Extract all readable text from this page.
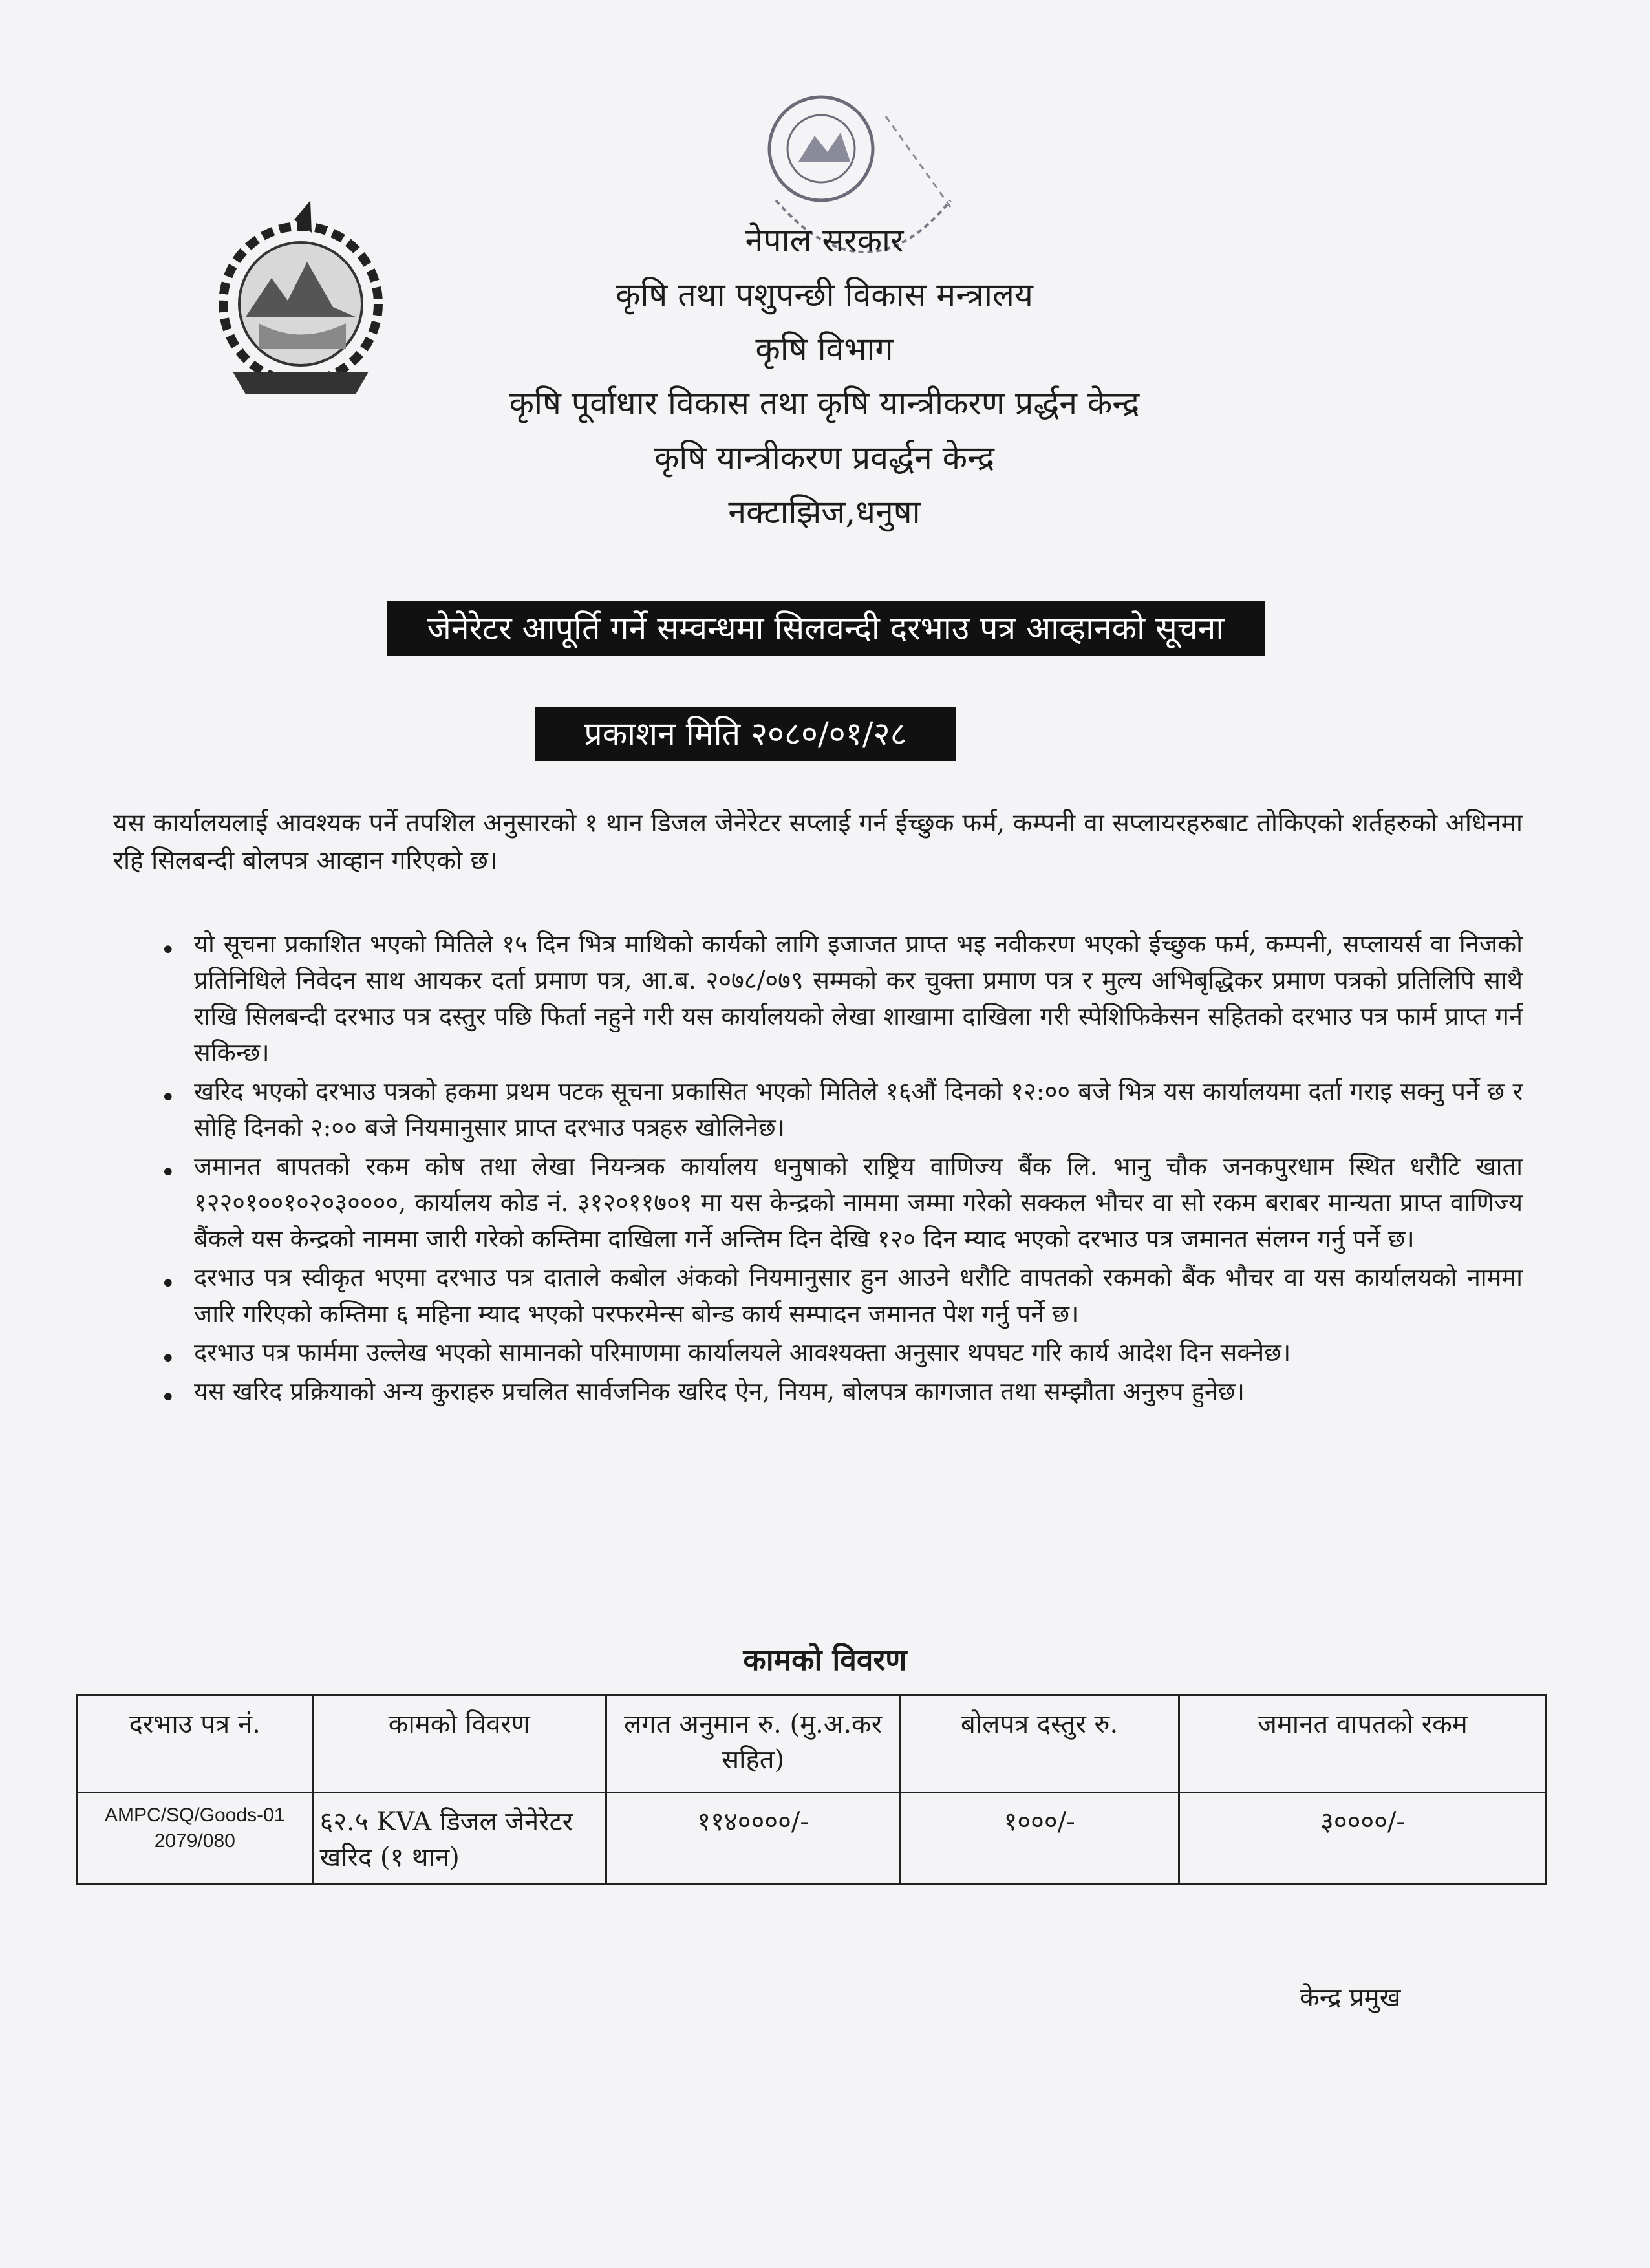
नेपाल सरकार
कृषि तथा पशुपन्छी विकास मन्त्रालय
कृषि विभाग
कृषि पूर्वाधार विकास तथा कृषि यान्त्रीकरण प्रर्द्धन केन्द्र
कृषि यान्त्रीकरण प्रवर्द्धन केन्द्र
नक्टाझिज,धनुषा
जेनेरेटर आपूर्ति गर्ने सम्वन्धमा सिलवन्दी दरभाउ पत्र आव्हानको सूचना
प्रकाशन मिति २०८०/०१/२८
यस कार्यालयलाई आवश्यक पर्ने तपशिल अनुसारको १ थान डिजल जेनेरेटर सप्लाई गर्न ईच्छुक फर्म, कम्पनी वा सप्लायरहरुबाट तोकिएको शर्तहरुको अधिनमा रहि सिलबन्दी बोलपत्र आव्हान गरिएको छ।
• यो सूचना प्रकाशित भएको मितिले १५ दिन भित्र माथिको कार्यको लागि इजाजत प्राप्त भइ नवीकरण भएको ईच्छुक फर्म, कम्पनी, सप्लायर्स वा निजको प्रतिनिधिले निवेदन साथ आयकर दर्ता प्रमाण पत्र, आ.ब. २०७८/०७९ सम्मको कर चुक्ता प्रमाण पत्र र मुल्य अभिबृद्धिकर प्रमाण पत्रको प्रतिलिपि साथै राखि सिलबन्दी दरभाउ पत्र दस्तुर पछि फिर्ता नहुने गरी यस कार्यालयको लेखा शाखामा दाखिला गरी स्पेशिफिकेसन सहितको दरभाउ पत्र फार्म प्राप्त गर्न सकिन्छ।
• खरिद भएको दरभाउ पत्रको हकमा प्रथम पटक सूचना प्रकासित भएको मितिले १६औं दिनको १२:०० बजे भित्र यस कार्यालयमा दर्ता गराइ सक्नु पर्ने छ र सोहि दिनको २:०० बजे नियमानुसार प्राप्त दरभाउ पत्रहरु खोलिनेछ।
• जमानत बापतको रकम कोष तथा लेखा नियन्त्रक कार्यालय धनुषाको राष्ट्रिय वाणिज्य बैंक लि. भानु चौक जनकपुरधाम स्थित धरौटि खाता १२२०१००१०२०३००००, कार्यालय कोड नं. ३१२०११७०१ मा यस केन्द्रको नाममा जम्मा गरेको सक्कल भौचर वा सो रकम बराबर मान्यता प्राप्त वाणिज्य बैंकले यस केन्द्रको नाममा जारी गरेको कम्तिमा दाखिला गर्ने अन्तिम दिन देखि १२० दिन म्याद भएको दरभाउ पत्र जमानत संलग्न गर्नु पर्ने छ।
• दरभाउ पत्र स्वीकृत भएमा दरभाउ पत्र दाताले कबोल अंकको नियमानुसार हुन आउने धरौटि वापतको रकमको बैंक भौचर वा यस कार्यालयको नाममा जारि गरिएको कम्तिमा ६ महिना म्याद भएको परफरमेन्स बोन्ड कार्य सम्पादन जमानत पेश गर्नु पर्ने छ।
• दरभाउ पत्र फार्ममा उल्लेख भएको सामानको परिमाणमा कार्यालयले आवश्यक्ता अनुसार थपघट गरि कार्य आदेश दिन सक्नेछ।
• यस खरिद प्रक्रियाको अन्य कुराहरु प्रचलित सार्वजनिक खरिद ऐन, नियम, बोलपत्र कागजात तथा सम्झौता अनुरुप हुनेछ।
कामको विवरण
दरभाउ पत्र नं.	कामको विवरण	लगत अनुमान रु. (मु.अ.कर सहित)	बोलपत्र दस्तुर रु.	जमानत वापतको रकम
AMPC/SQ/Goods-01 2079/080	६२.५ KVA डिजल जेनेरेटर खरिद (१ थान)	११४००००/-	१०००/-	३००००/-
केन्द्र प्रमुख
